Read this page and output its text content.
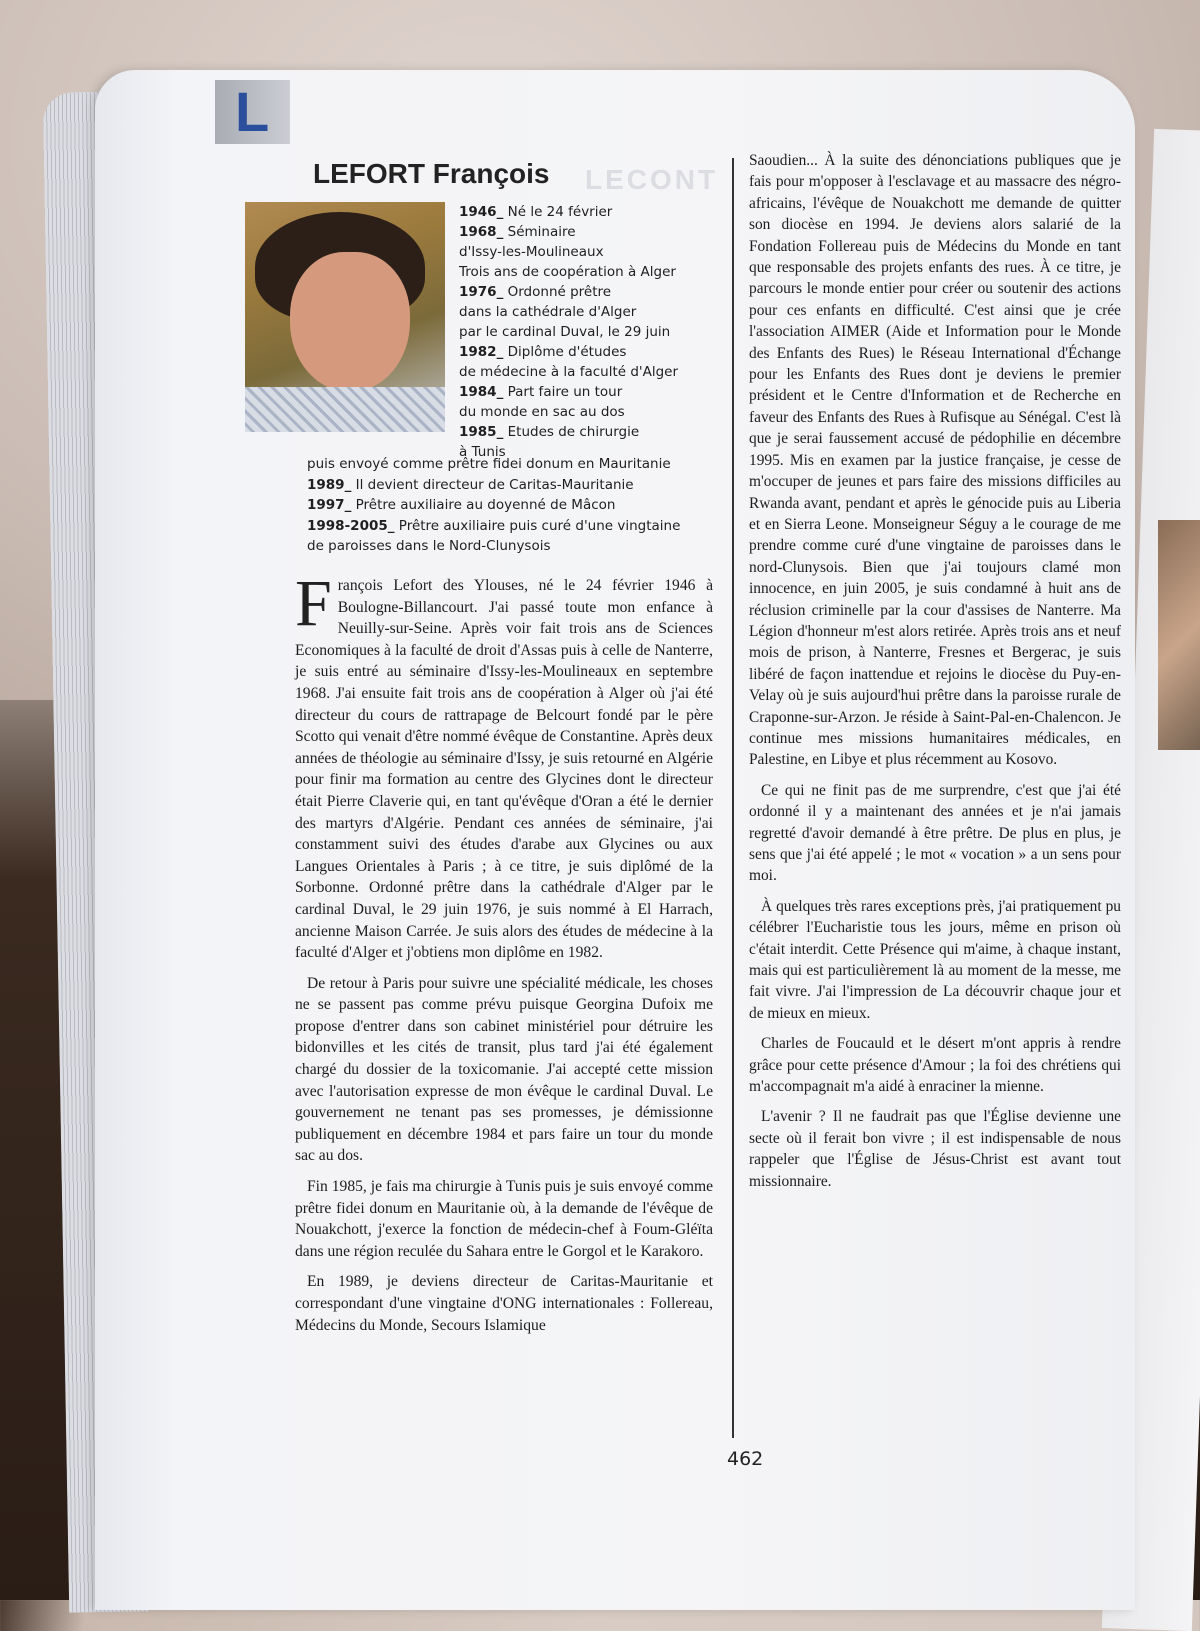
L
LECONT
LEFORT François
1946_ Né le 24 février
1968_ Séminaire
d'Issy-les-Moulineaux
Trois ans de coopération à Alger
1976_ Ordonné prêtre
dans la cathédrale d'Alger
par le cardinal Duval, le 29 juin
1982_ Diplôme d'études
de médecine à la faculté d'Alger
1984_ Part faire un tour
du monde en sac au dos
1985_ Etudes de chirurgie
à Tunis
puis envoyé comme prêtre fidei donum en Mauritanie
1989_ Il devient directeur de Caritas-Mauritanie
1997_ Prêtre auxiliaire au doyenné de Mâcon
1998-2005_ Prêtre auxiliaire puis curé d'une vingtaine
de paroisses dans le Nord-Clunysois

François Lefort des Ylouses, né le 24 février 1946 à Boulogne-Billancourt. J'ai passé toute mon enfance à Neuilly-sur-Seine. Après voir fait trois ans de Sciences Economiques à la faculté de droit d'Assas puis à celle de Nanterre, je suis entré au séminaire d'Issy-les-Moulineaux en septembre 1968. J'ai ensuite fait trois ans de coopération à Alger où j'ai été directeur du cours de rattrapage de Belcourt fondé par le père Scotto qui venait d'être nommé évêque de Constantine. Après deux années de théologie au séminaire d'Issy, je suis retourné en Algérie pour finir ma formation au centre des Glycines dont le directeur était Pierre Claverie qui, en tant qu'évêque d'Oran a été le dernier des martyrs d'Algérie. Pendant ces années de séminaire, j'ai constamment suivi des études d'arabe aux Glycines ou aux Langues Orientales à Paris ; à ce titre, je suis diplômé de la Sorbonne. Ordonné prêtre dans la cathédrale d'Alger par le cardinal Duval, le 29 juin 1976, je suis nommé à El Harrach, ancienne Maison Carrée. Je suis alors des études de médecine à la faculté d'Alger et j'obtiens mon diplôme en 1982.

De retour à Paris pour suivre une spécialité médicale, les choses ne se passent pas comme prévu puisque Georgina Dufoix me propose d'entrer dans son cabinet ministériel pour détruire les bidonvilles et les cités de transit, plus tard j'ai été également chargé du dossier de la toxicomanie. J'ai accepté cette mission avec l'autorisation expresse de mon évêque le cardinal Duval. Le gouvernement ne tenant pas ses promesses, je démissionne publiquement en décembre 1984 et pars faire un tour du monde sac au dos.

Fin 1985, je fais ma chirurgie à Tunis puis je suis envoyé comme prêtre fidei donum en Mauritanie où, à la demande de l'évêque de Nouakchott, j'exerce la fonction de médecin-chef à Foum-Gléïta dans une région reculée du Sahara entre le Gorgol et le Karakoro.

En 1989, je deviens directeur de Caritas-Mauritanie et correspondant d'une vingtaine d'ONG internationales : Follereau, Médecins du Monde, Secours Islamique

Saoudien... À la suite des dénonciations publiques que je fais pour m'opposer à l'esclavage et au massacre des négro-africains, l'évêque de Nouakchott me demande de quitter son diocèse en 1994. Je deviens alors salarié de la Fondation Follereau puis de Médecins du Monde en tant que responsable des projets enfants des rues. À ce titre, je parcours le monde entier pour créer ou soutenir des actions pour ces enfants en difficulté. C'est ainsi que je crée l'association AIMER (Aide et Information pour le Monde des Enfants des Rues) le Réseau International d'Échange pour les Enfants des Rues dont je deviens le premier président et le Centre d'Information et de Recherche en faveur des Enfants des Rues à Rufisque au Sénégal. C'est là que je serai faussement accusé de pédophilie en décembre 1995. Mis en examen par la justice française, je cesse de m'occuper de jeunes et pars faire des missions difficiles au Rwanda avant, pendant et après le génocide puis au Liberia et en Sierra Leone. Monseigneur Séguy a le courage de me prendre comme curé d'une vingtaine de paroisses dans le nord-Clunysois. Bien que j'ai toujours clamé mon innocence, en juin 2005, je suis condamné à huit ans de réclusion criminelle par la cour d'assises de Nanterre. Ma Légion d'honneur m'est alors retirée. Après trois ans et neuf mois de prison, à Nanterre, Fresnes et Bergerac, je suis libéré de façon inattendue et rejoins le diocèse du Puy-en-Velay où je suis aujourd'hui prêtre dans la paroisse rurale de Craponne-sur-Arzon. Je réside à Saint-Pal-en-Chalencon. Je continue mes missions humanitaires médicales, en Palestine, en Libye et plus récemment au Kosovo.

Ce qui ne finit pas de me surprendre, c'est que j'ai été ordonné il y a maintenant des années et je n'ai jamais regretté d'avoir demandé à être prêtre. De plus en plus, je sens que j'ai été appelé ; le mot « vocation » a un sens pour moi.

À quelques très rares exceptions près, j'ai pratiquement pu célébrer l'Eucharistie tous les jours, même en prison où c'était interdit. Cette Présence qui m'aime, à chaque instant, mais qui est particulièrement là au moment de la messe, me fait vivre. J'ai l'impression de La découvrir chaque jour et de mieux en mieux.

Charles de Foucauld et le désert m'ont appris à rendre grâce pour cette présence d'Amour ; la foi des chrétiens qui m'accompagnait m'a aidé à enraciner la mienne.

L'avenir ? Il ne faudrait pas que l'Église devienne une secte où il ferait bon vivre ; il est indispensable de nous rappeler que l'Église de Jésus-Christ est avant tout missionnaire.

462
